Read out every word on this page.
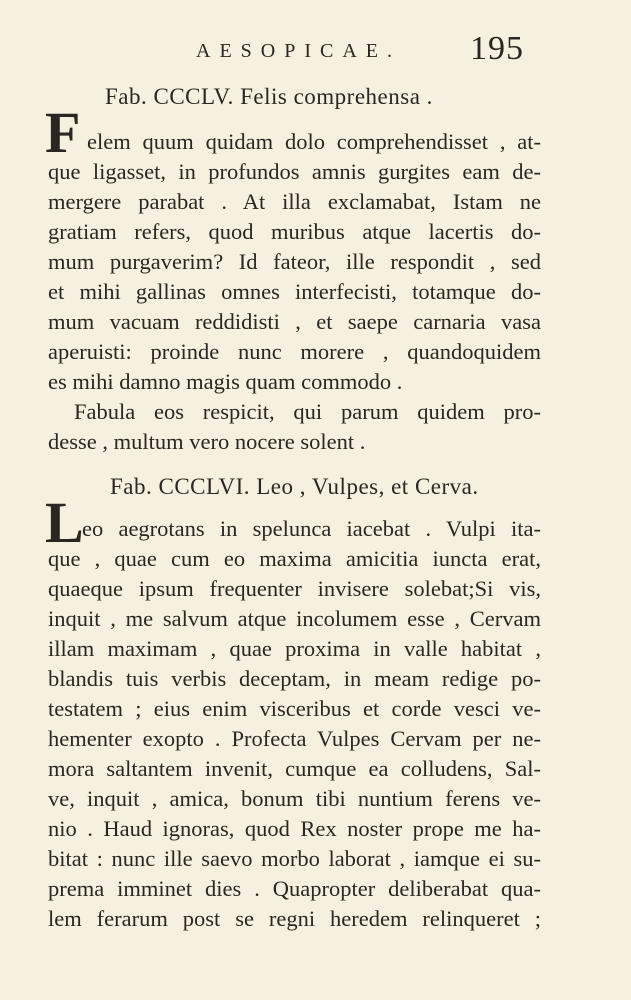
AESOPICAE. 195
Fab. CCCLV. Felis comprehensa .
F elem quum quidam dolo comprehendisset , at-
que ligasset, in profundos amnis gurgites eam de-
mergere parabat . At illa exclamabat, Istam ne
gratiam refers, quod muribus atque lacertis do-
mum purgaverim? Id fateor, ille respondit , sed
et mihi gallinas omnes interfecisti, totamque do-
mum vacuam reddidisti , et saepe carnaria vasa
aperuisti: proinde nunc morere , quandoquidem
es mihi damno magis quam commodo .
Fabula eos respicit, qui parum quidem pro-
desse , multum vero nocere solent .
Fab. CCCLVI. Leo , Vulpes, et Cerva.
L
eo aegrotans in spelunca iacebat . Vulpi ita-
que , quae cum eo maxima amicitia iuncta erat,
quaeque ipsum frequenter invisere solebat;Si vis,
inquit , me salvum atque incolumem esse , Cervam
illam maximam , quae proxima in valle habitat ,
blandis tuis verbis deceptam, in meam redige po-
testatem ; eius enim visceribus et corde vesci ve-
hementer exopto . Profecta Vulpes Cervam per ne-
mora saltantem invenit, cumque ea colludens, Sal-
ve, inquit , amica, bonum tibi nuntium ferens ve-
nio . Haud ignoras, quod Rex noster prope me ha-
bitat : nunc ille saevo morbo laborat , iamque ei su-
prema imminet dies . Quapropter deliberabat qua-
lem ferarum post se regni heredem relinqueret ;
